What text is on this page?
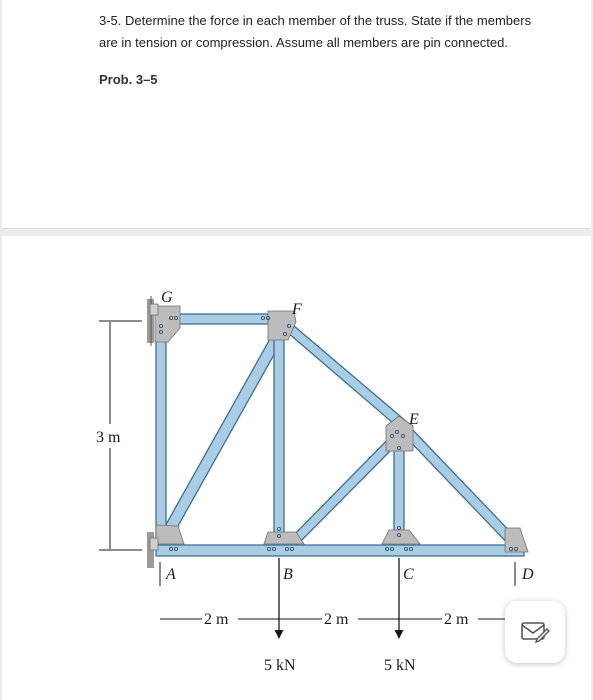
3-5. Determine the force in each member of the truss. State if the members are in tension or compression. Assume all members are pin connected.
Prob. 3–5
G
F
E
A	B	C	D
3 m
2 m	2 m	2 m
5 kN	5 kN
